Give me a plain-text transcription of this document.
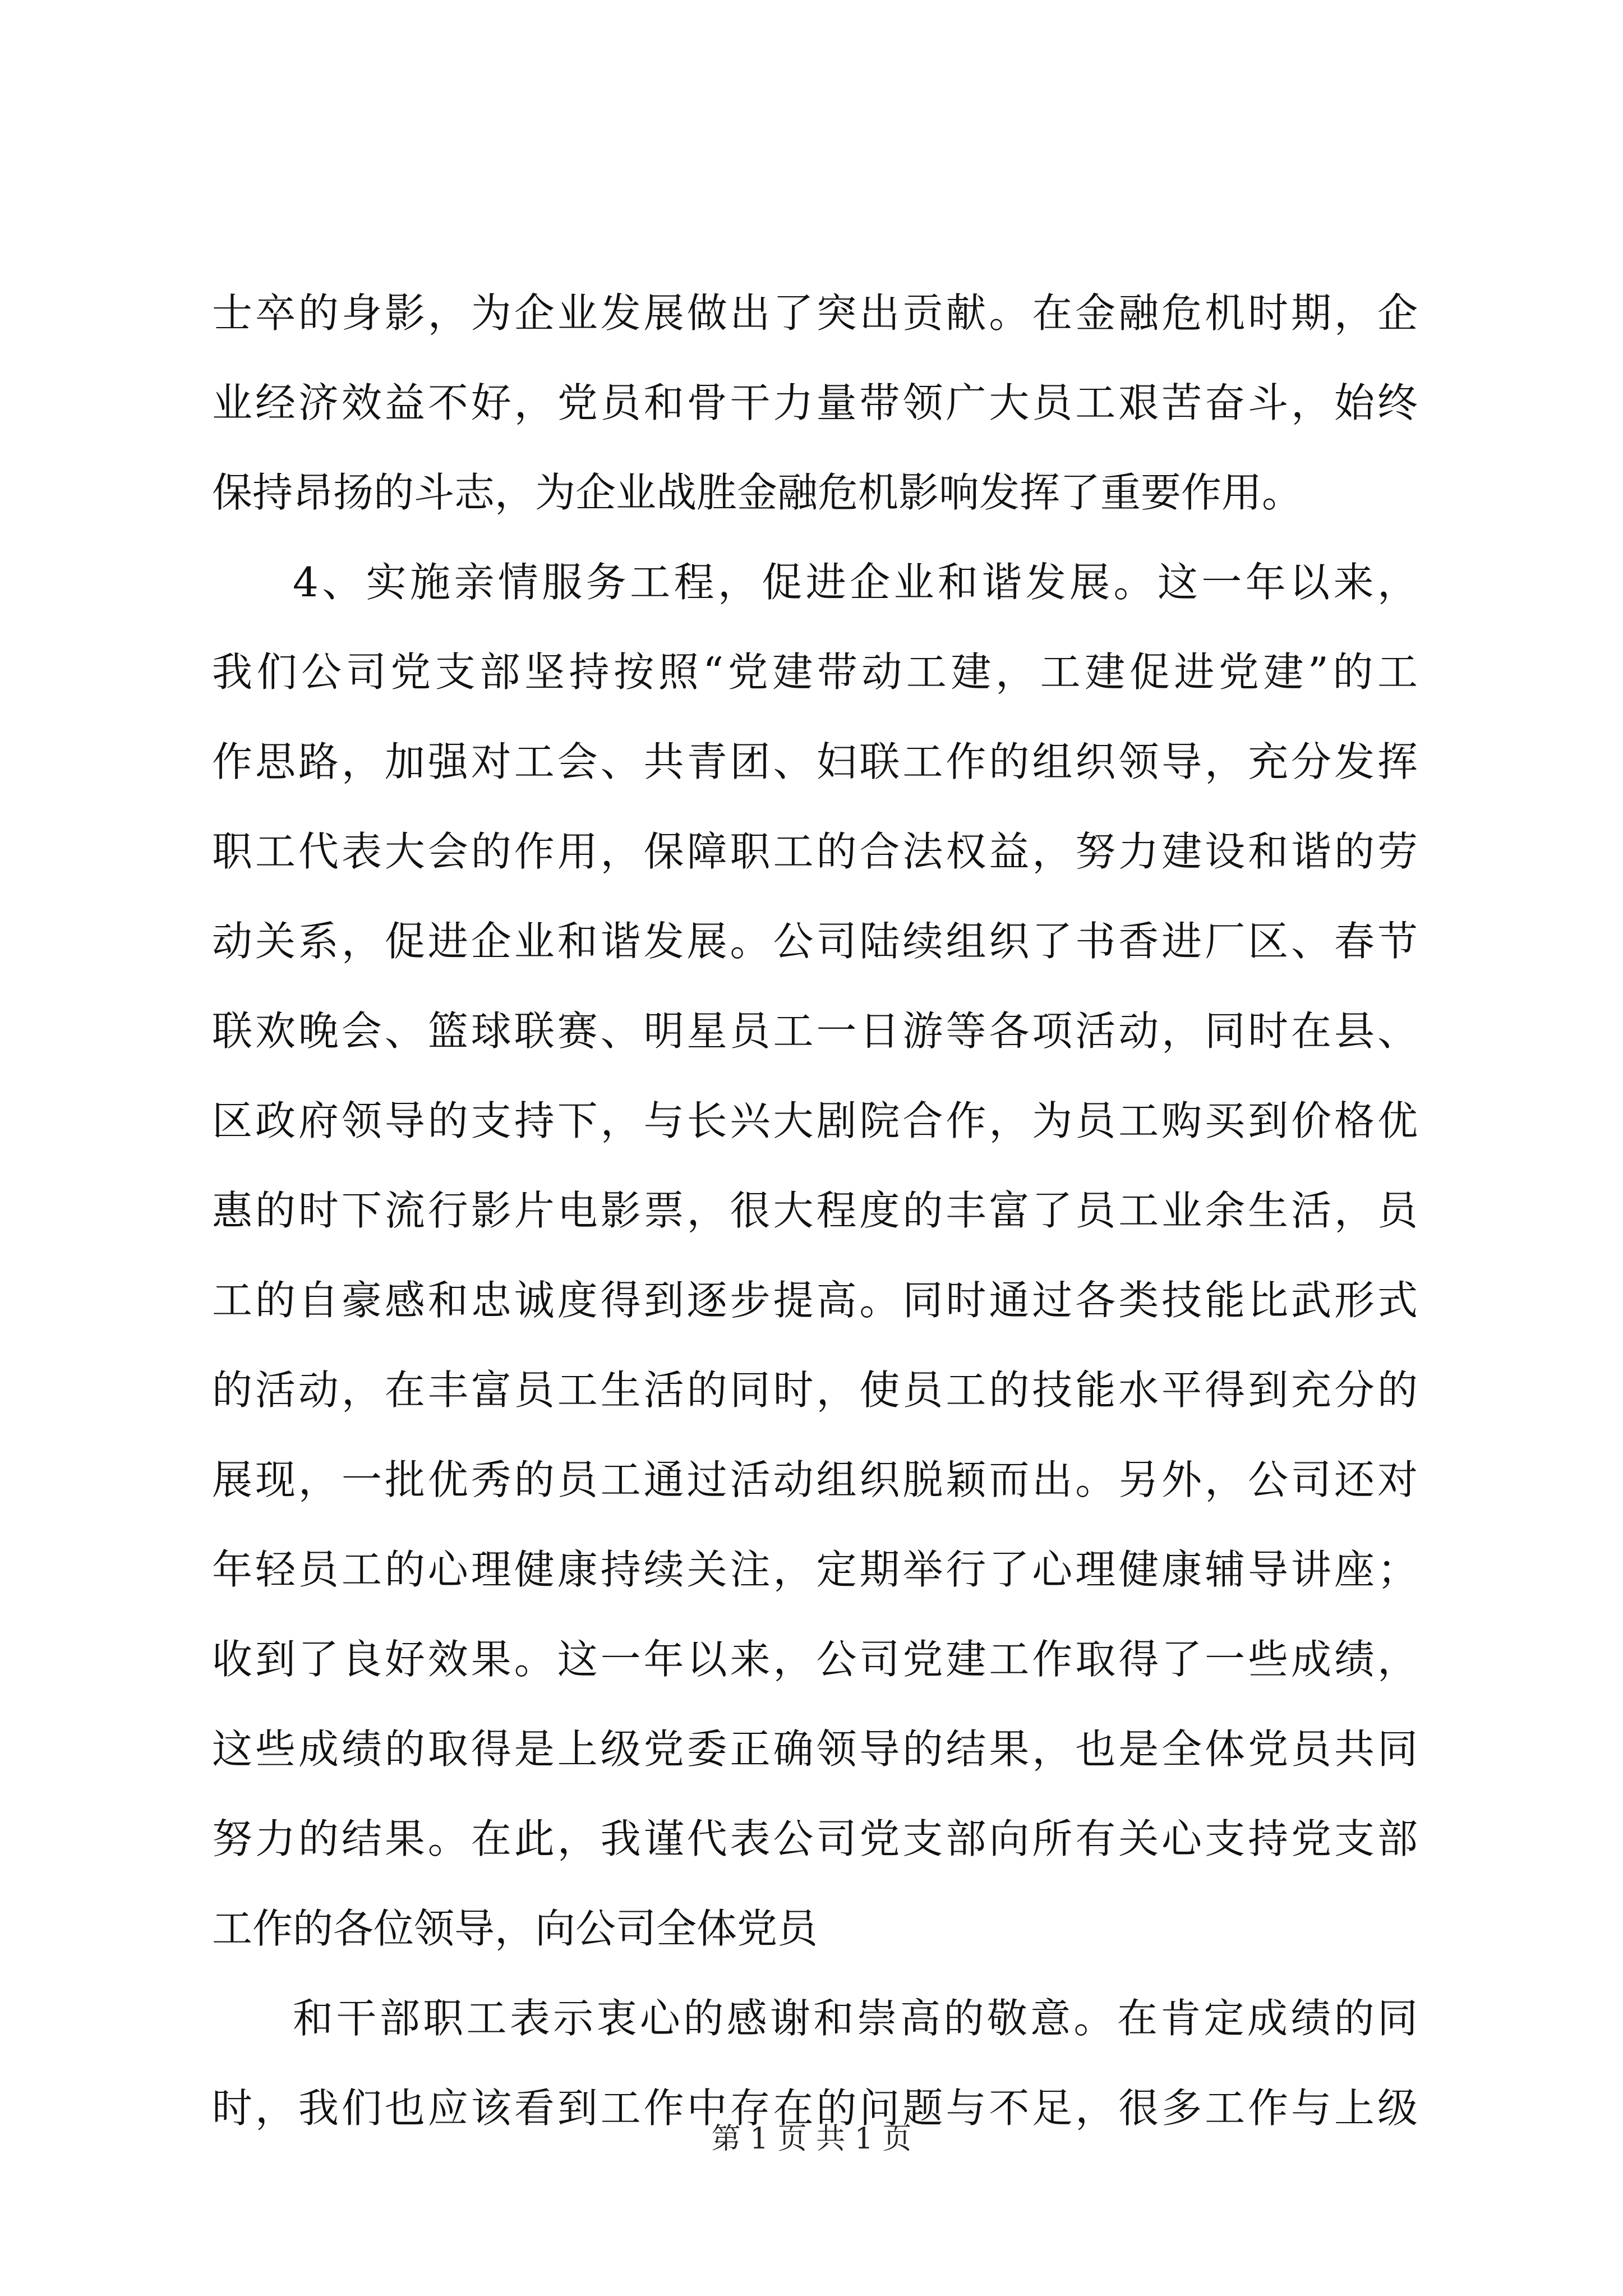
士卒的身影，为企业发展做出了突出贡献。在金融危机时期，企
业经济效益不好，党员和骨干力量带领广大员工艰苦奋斗，始终
保持昂扬的斗志，为企业战胜金融危机影响发挥了重要作用。
4、实施亲情服务工程，促进企业和谐发展。这一年以来，
我们公司党支部坚持按照“党建带动工建，工建促进党建”的工
作思路，加强对工会、共青团、妇联工作的组织领导，充分发挥
职工代表大会的作用，保障职工的合法权益，努力建设和谐的劳
动关系，促进企业和谐发展。公司陆续组织了书香进厂区、春节
联欢晚会、篮球联赛、明星员工一日游等各项活动，同时在县、
区政府领导的支持下，与长兴大剧院合作，为员工购买到价格优
惠的时下流行影片电影票，很大程度的丰富了员工业余生活，员
工的自豪感和忠诚度得到逐步提高。同时通过各类技能比武形式
的活动，在丰富员工生活的同时，使员工的技能水平得到充分的
展现，一批优秀的员工通过活动组织脱颖而出。另外，公司还对
年轻员工的心理健康持续关注，定期举行了心理健康辅导讲座；
收到了良好效果。这一年以来，公司党建工作取得了一些成绩，
这些成绩的取得是上级党委正确领导的结果，也是全体党员共同
努力的结果。在此，我谨代表公司党支部向所有关心支持党支部
工作的各位领导，向公司全体党员
和干部职工表示衷心的感谢和崇高的敬意。在肯定成绩的同
时，我们也应该看到工作中存在的问题与不足，很多工作与上级
第 1 页 共 1 页
